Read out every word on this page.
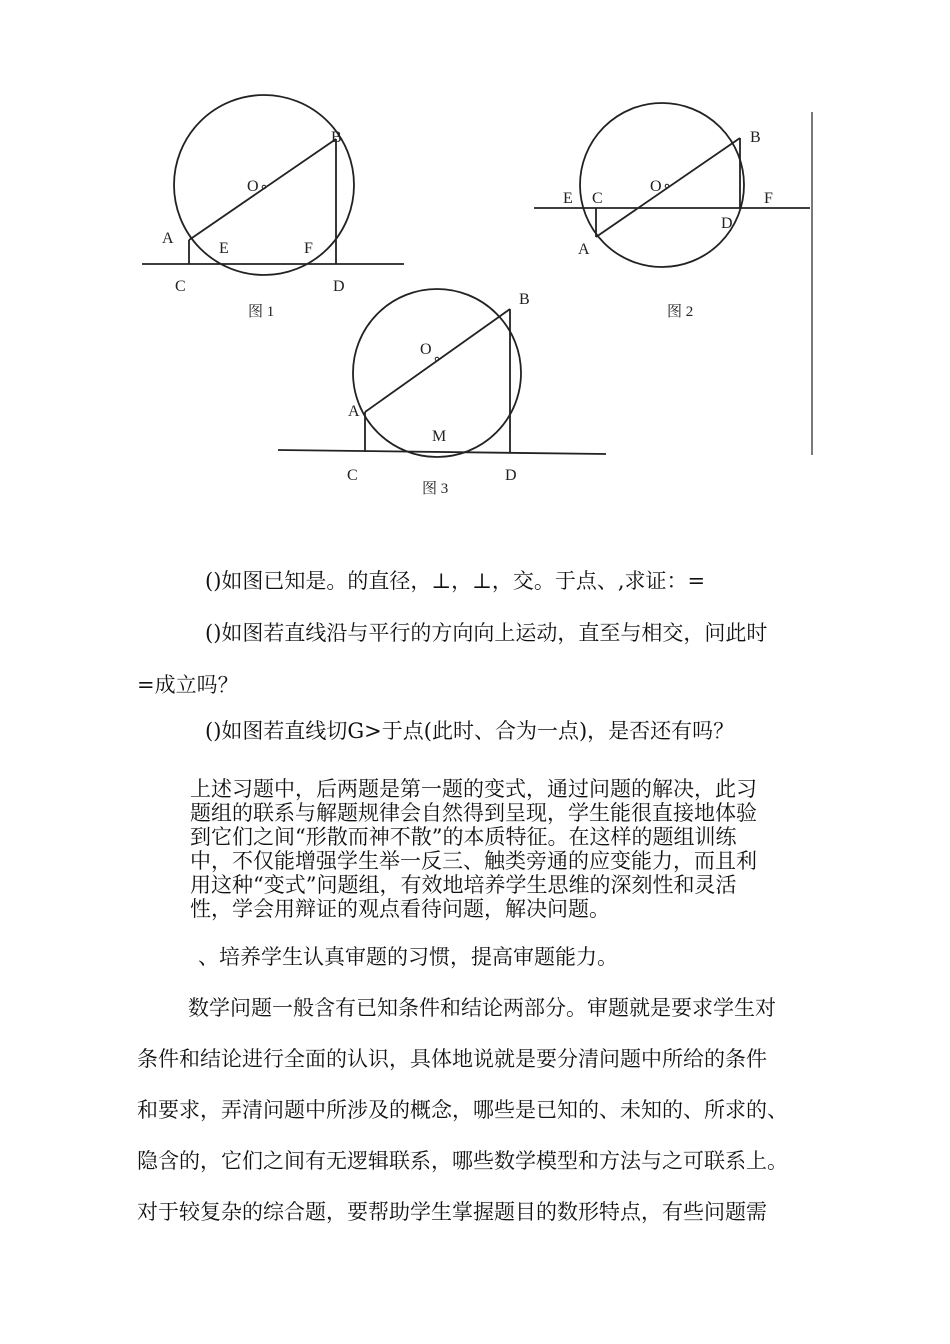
B
O
A
E	F
C	D
图 1
B
O
E C	F
D
A
图 2
B
O
A
M
C	D
图 3
()如图已知是。的直径，⊥，⊥，交。于点、,求证：=
()如图若直线沿与平行的方向向上运动，直至与相交，问此时
=成立吗？
()如图若直线切G>于点(此时、合为一点)，是否还有吗？
上述习题中，后两题是第一题的变式，通过问题的解决，此习
题组的联系与解题规律会自然得到呈现，学生能很直接地体验
到它们之间“形散而神不散”的本质特征。在这样的题组训练
中，不仅能增强学生举一反三、触类旁通的应变能力，而且利
用这种“变式”问题组，有效地培养学生思维的深刻性和灵活
性，学会用辩证的观点看待问题，解决问题。
、培养学生认真审题的习惯，提高审题能力。
数学问题一般含有已知条件和结论两部分。审题就是要求学生对
条件和结论进行全面的认识，具体地说就是要分清问题中所给的条件
和要求，弄清问题中所涉及的概念，哪些是已知的、未知的、所求的、
隐含的，它们之间有无逻辑联系，哪些数学模型和方法与之可联系上。
对于较复杂的综合题，要帮助学生掌握题目的数形特点，有些问题需
